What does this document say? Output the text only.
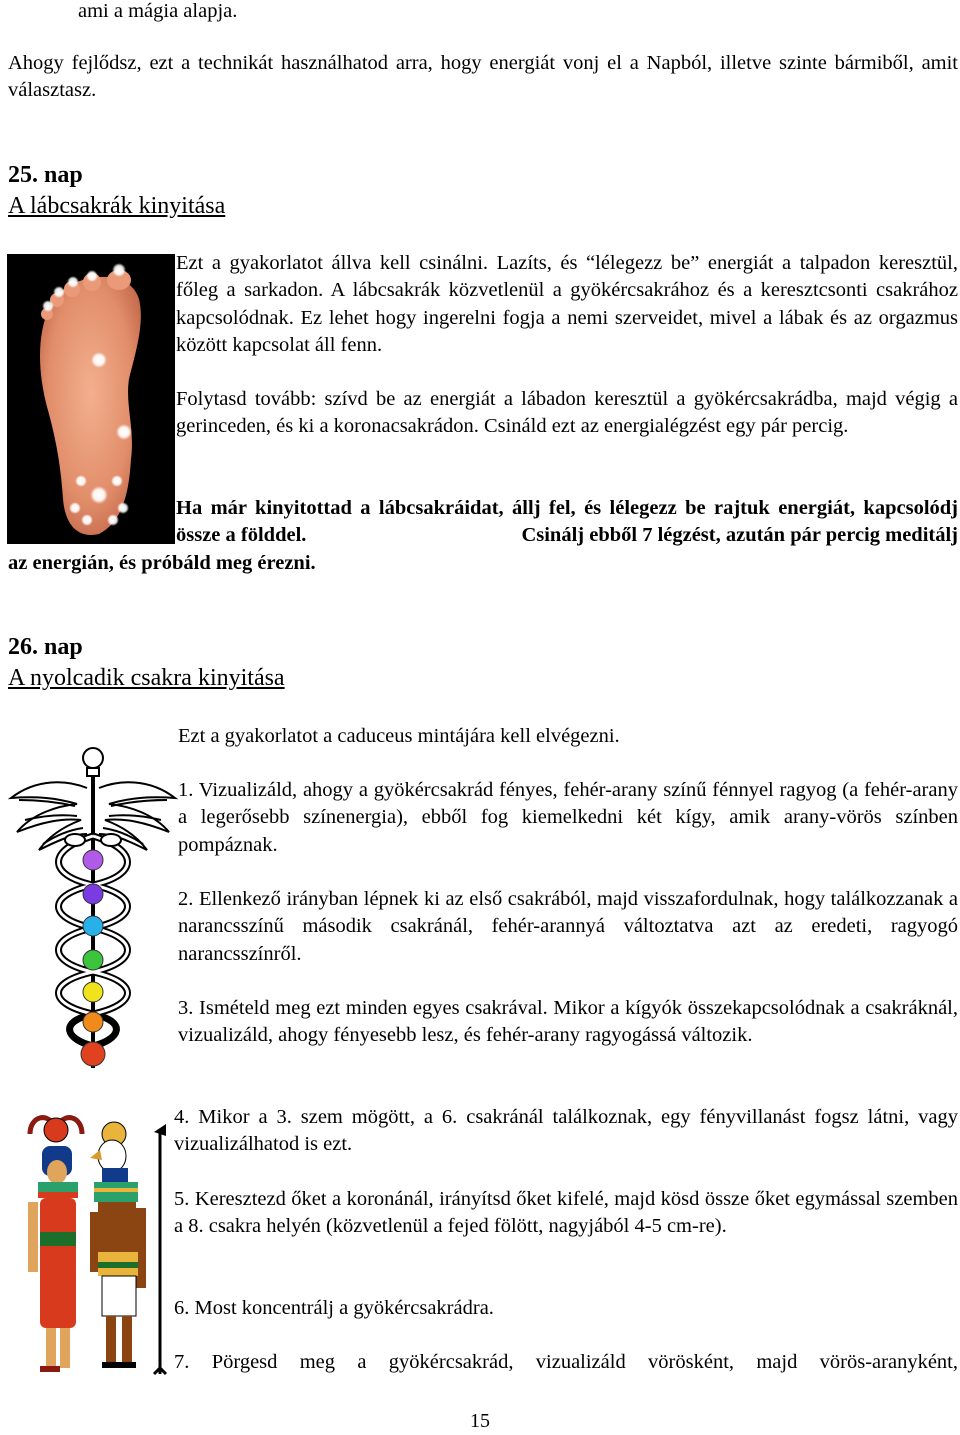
ami a mágia alapja.
Ahogy fejlődsz, ezt a technikát használhatod arra, hogy energiát vonj el a Napból, illetve szinte bármiből, amit választasz.
25. nap
A lábcsakrák kinyitása
Ezt a gyakorlatot állva kell csinálni. Lazíts, és “lélegezz be” energiát a talpadon keresztül, főleg a sarkadon. A lábcsakrák közvetlenül a gyökércsakrához és a keresztcsonti csakrához kapcsolódnak. Ez lehet hogy ingerelni fogja a nemi szerveidet, mivel a lábak és az orgazmus között kapcsolat áll fenn.
Folytasd tovább: szívd be az energiát a lábadon keresztül a gyökércsakrádba, majd végig a gerinceden, és ki a koronacsakrádon. Csináld ezt az energialégzést egy pár percig.
Ha már kinyitottad a lábcsakráidat, állj fel, és lélegezz be rajtuk energiát, kapcsolódj össze a földdel.	Csinálj ebből 7 légzést, azután pár percig meditálj
az energián, és próbáld meg érezni.
26. nap
A nyolcadik csakra kinyitása
Ezt a gyakorlatot a caduceus mintájára kell elvégezni.
1. Vizualizáld, ahogy a gyökércsakrád fényes, fehér-arany színű fénnyel ragyog (a fehér-arany a legerősebb színenergia), ebből fog kiemelkedni két kígy, amik arany-vörös színben pompáznak.
2. Ellenkező irányban lépnek ki az első csakrából, majd visszafordulnak, hogy találkozzanak a narancsszínű második csakránál, fehér-arannyá változtatva azt az eredeti, ragyogó narancsszínről.
3. Ismételd meg ezt minden egyes csakrával. Mikor a kígyók összekapcsolódnak a csakráknál, vizualizáld, ahogy fényesebb lesz, és fehér-arany ragyogássá változik.
4. Mikor a 3. szem mögött, a 6. csakránál találkoznak, egy fényvillanást fogsz látni, vagy vizualizálhatod is ezt.
5. Keresztezd őket a koronánál, irányítsd őket kifelé, majd kösd össze őket egymással szemben a 8. csakra helyén (közvetlenül a fejed fölött, nagyjából 4-5 cm-re).
6. Most koncentrálj a gyökércsakrádra.
7. Pörgesd meg a gyökércsakrád, vizualizáld vörösként, majd vörös-aranyként,
15
